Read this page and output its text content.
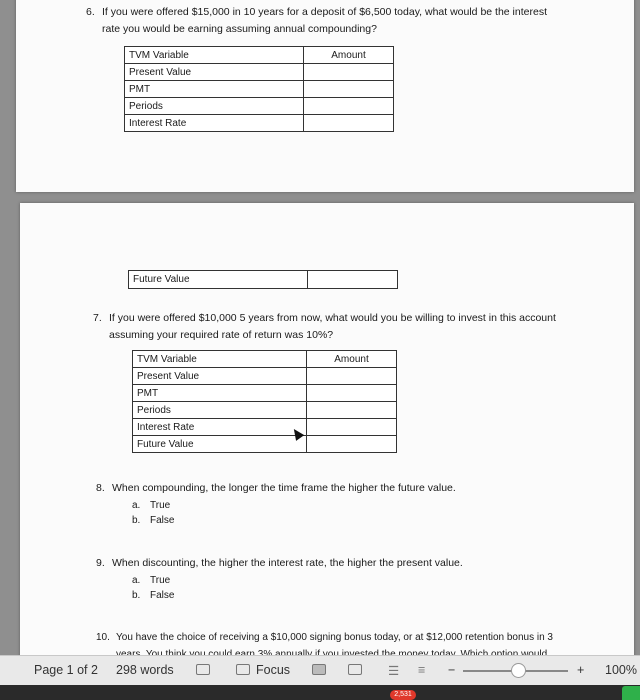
6. If you were offered $15,000 in 10 years for a deposit of $6,500 today, what would be the interest
rate you would be earning assuming annual compounding?
TVM Variable	Amount
Present Value	
PMT	
Periods	
Interest Rate	
Future Value	
7. If you were offered $10,000 5 years from now, what would you be willing to invest in this account
assuming your required rate of return was 10%?
TVM Variable	Amount
Present Value	
PMT	
Periods	
Interest Rate	
Future Value	
8. When compounding, the longer the time frame the higher the future value.
a. True
b. False
9. When discounting, the higher the interest rate, the higher the present value.
a. True
b. False
10. You have the choice of receiving a $10,000 signing bonus today, or at $12,000 retention bonus in 3
Page 1 of 2 298 words	Focus	☰ ≡ −	+ 100%
2,531
